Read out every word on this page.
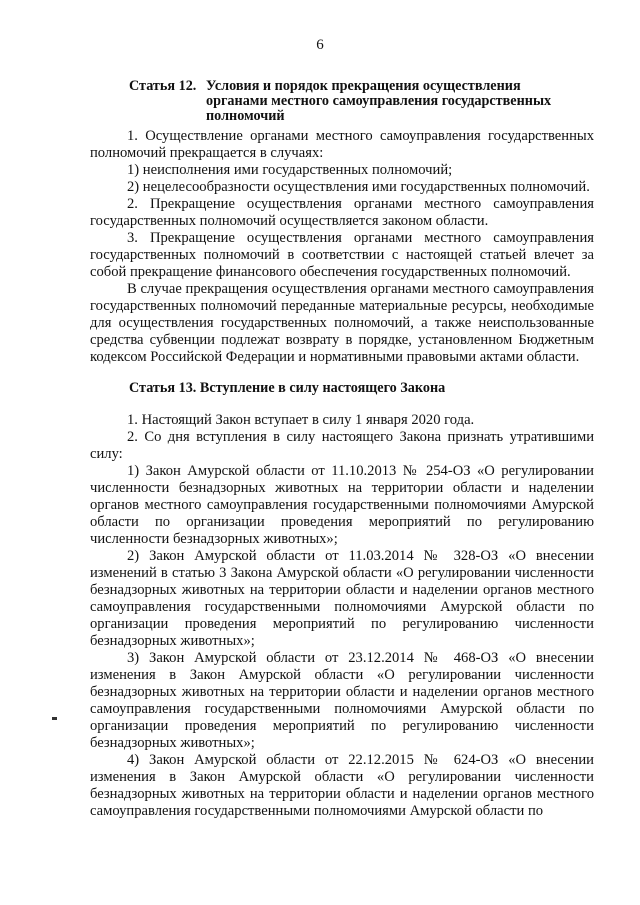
6
Статья 12. Условия и порядок прекращения осуществления органами местного самоуправления государственных полномочий

1. Осуществление органами местного самоуправления государственных полномочий прекращается в случаях:

1) неисполнения ими государственных полномочий;

2) нецелесообразности осуществления ими государственных полномочий.

2. Прекращение осуществления органами местного самоуправления государственных полномочий осуществляется законом области.

3. Прекращение осуществления органами местного самоуправления государственных полномочий в соответствии с настоящей статьей влечет за собой прекращение финансового обеспечения государственных полномочий.

В случае прекращения осуществления органами местного самоуправления государственных полномочий переданные материальные ресурсы, необходимые для осуществления государственных полномочий, а также неиспользованные средства субвенции подлежат возврату в порядке, установленном Бюджетным кодексом Российской Федерации и нормативными правовыми актами области.

Статья 13. Вступление в силу настоящего Закона

1. Настоящий Закон вступает в силу 1 января 2020 года.

2. Со дня вступления в силу настоящего Закона признать утратившими силу:

1) Закон Амурской области от 11.10.2013 № 254-ОЗ «О регулировании численности безнадзорных животных на территории области и наделении органов местного самоуправления государственными полномочиями Амурской области по организации проведения мероприятий по регулированию численности безнадзорных животных»;

2) Закон Амурской области от 11.03.2014 № 328-ОЗ «О внесении изменений в статью 3 Закона Амурской области «О регулировании численности безнадзорных животных на территории области и наделении органов местного самоуправления государственными полномочиями Амурской области по организации проведения мероприятий по регулированию численности безнадзорных животных»;

3) Закон Амурской области от 23.12.2014 № 468-ОЗ «О внесении изменения в Закон Амурской области «О регулировании численности безнадзорных животных на территории области и наделении органов местного самоуправления государственными полномочиями Амурской области по организации проведения мероприятий по регулированию численности безнадзорных животных»;

4) Закон Амурской области от 22.12.2015 № 624-ОЗ «О внесении изменения в Закон Амурской области «О регулировании численности безнадзорных животных на территории области и наделении органов местного самоуправления государственными полномочиями Амурской области по
